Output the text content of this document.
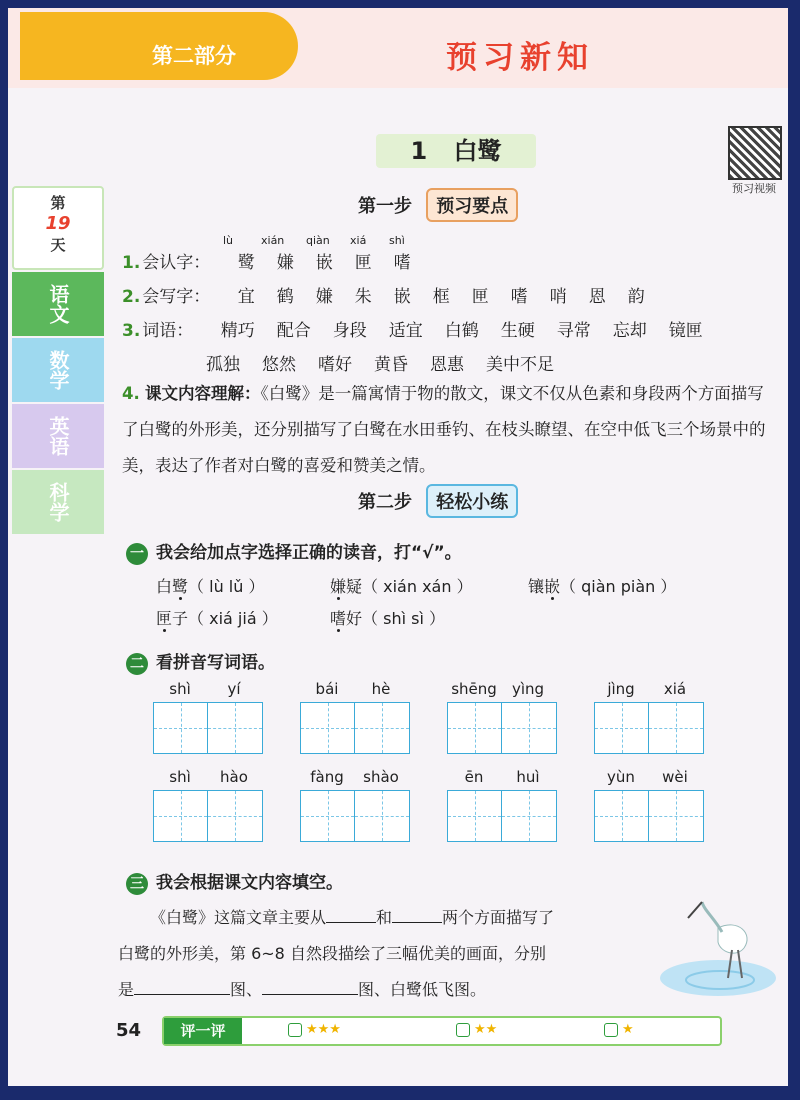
第二部分	预习新知
1 白鹭
预习视频
第
19
天
语文
数学
英语
科学
第一步 预习要点
lù	xián qiàn xiá shì
1. 会认字： 鹭 嫌 嵌 匣 嗜
2. 会写字： 宜 鹤 嫌 朱 嵌 框 匣 嗜 哨 恩 韵
3. 词语： 精巧 配合 身段 适宜 白鹤 生硬 寻常 忘却 镜匣
孤独 悠然 嗜好 黄昏 恩惠 美中不足
4. 课文内容理解：《白鹭》是一篇寓情于物的散文，课文不仅从色素和身段两个方面描写了白鹭的外形美，还分别描写了白鹭在水田垂钓、在枝头瞭望、在空中低飞三个场景中的美，表达了作者对白鹭的喜爱和赞美之情。
第二步 轻松小练
一 我会给加点字选择正确的读音，打“√”。
白鹭（ lù lǔ ）	嫌疑（ xián xán ）	镶嵌（ qiàn piàn ）
匣子（ xiá jiá ）	嗜好（ shì sì ）
二 看拼音写词语。
shì yí	bái hè	shēng yìng	jìng xiá
shì hào	fàng shào	ēn huì	yùn wèi
三 我会根据课文内容填空。
《白鹭》这篇文章主要从	和	两个方面描写了
白鹭的外形美，第 6~8 自然段描绘了三幅优美的画面，分别
是	图、	图、白鹭低飞图。
54	评一评	★★★	★★	★
